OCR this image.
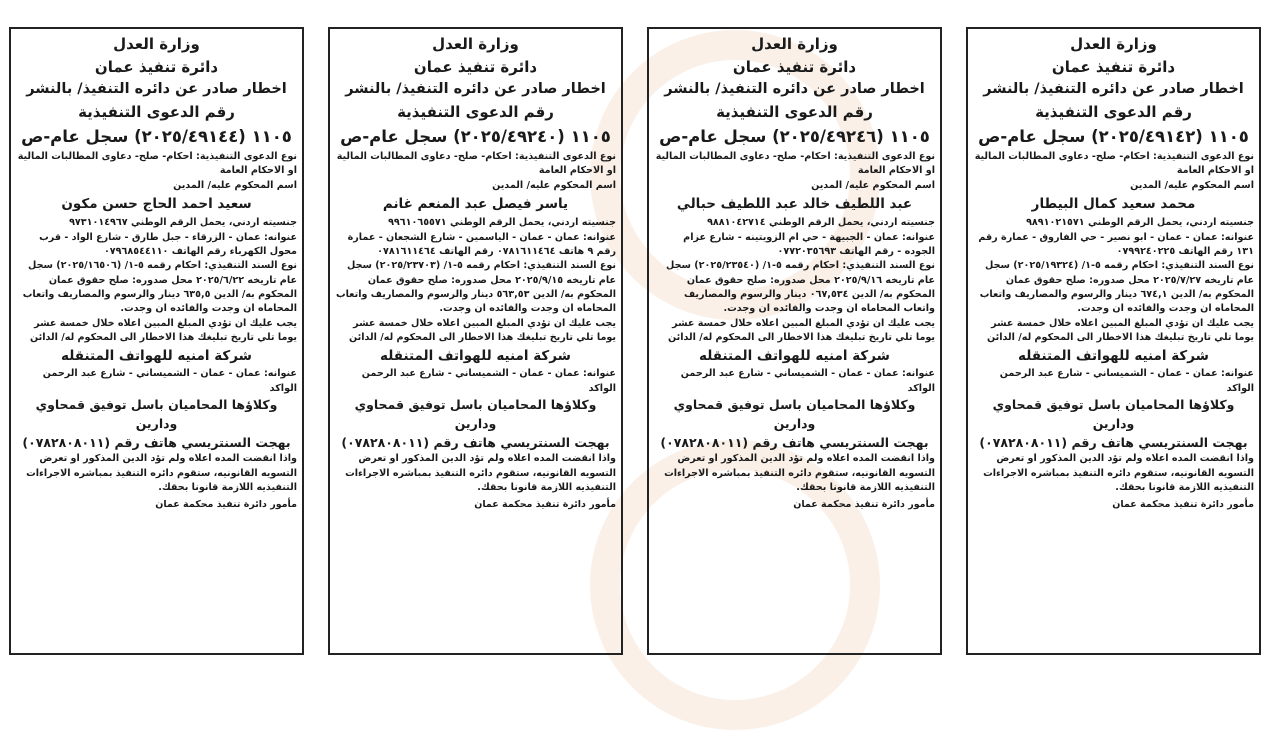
وزارة العدل

دائرة تنفيذ عمان

اخطار صادر عن دائره التنفيذ/ بالنشر

رقم الدعوى التنفيذية

١١٠٥ (٢٠٢٥/٤٩١٤٢) سجل عام-ص

نوع الدعوى التنفيذية: احكام- صلح- دعاوى المطالبات المالية او الاحكام العامة

اسم المحكوم عليه/ المدين

محمد سعيد كمال البيطار

جنسيته اردني، يحمل الرقم الوطني ٩٨٩١٠٢١٥٧١

عنوانه: عمان - عمان - ابو نصير - حي الفاروق - عمارة رقم ١٣١ رقم الهاتف ٠٧٩٩٢٤٠٢٢٥

نوع السند التنفيذي: احكام رقمه ٥-١/ (٢٠٢٥/١٩٣٢٤) سجل عام تاريخه ٢٠٢٥/٧/٢٧ محل صدوره: صلح حقوق عمان

المحكوم به/ الدين ٦٧٤,١ دينار والرسوم والمصاريف واتعاب المحاماه ان وجدت والفائده ان وجدت.

يجب عليك ان تؤدي المبلغ المبين اعلاه خلال خمسة عشر يوما تلي تاريخ تبليغك هذا الاخطار الى المحكوم له/ الدائن

شركة امنيه للهواتف المتنقله

عنوانه: عمان - عمان - الشميساني - شارع عبد الرحمن الواكد

وكلاؤها المحاميان باسل توفيق قمحاوي ودارين

بهجت السنتريسي هاتف رقم (٠٧٨٢٨٠٨٠١١)

واذا انقضت المده اعلاه ولم تؤد الدين المذكور او تعرض التسويه القانونيه، ستقوم دائره التنفيذ بمباشره الاجراءات التنفيذيه اللازمة قانونا بحقك.

مأمور دائرة تنفيذ محكمة عمان

وزارة العدل

دائرة تنفيذ عمان

اخطار صادر عن دائره التنفيذ/ بالنشر

رقم الدعوى التنفيذية

١١٠٥ (٢٠٢٥/٤٩٢٤٦) سجل عام-ص

نوع الدعوى التنفيذية: احكام- صلح- دعاوى المطالبات المالية او الاحكام العامة

اسم المحكوم عليه/ المدين

عبد اللطيف خالد عبد اللطيف حبالي

جنسيته اردني، يحمل الرقم الوطني ٩٨٨١٠٤٢٧١٤

عنوانه: عمان - الجبيهة - حي ام الزويتينه - شارع عزام الجوده - رقم الهاتف ٠٧٧٢٠٣٥٦٩٣

نوع السند التنفيذي: احكام رقمه ٥-١/ (٢٠٢٥/٢٣٥٤٠) سجل عام تاريخه ٢٠٢٥/٩/١٦ محل صدوره: صلح حقوق عمان

المحكوم به/ الدين ٠٦٧,٥٣٤ دينار والرسوم والمصاريف واتعاب المحاماه ان وجدت والفائده ان وجدت.

يجب عليك ان تؤدي المبلغ المبين اعلاه خلال خمسة عشر يوما تلي تاريخ تبليغك هذا الاخطار الى المحكوم له/ الدائن

شركة امنيه للهواتف المتنقله

عنوانه: عمان - عمان - الشميساني - شارع عبد الرحمن الواكد

وكلاؤها المحاميان باسل توفيق قمحاوي ودارين

بهجت السنتريسي هاتف رقم (٠٧٨٢٨٠٨٠١١)

واذا انقضت المده اعلاه ولم تؤد الدين المذكور او تعرض التسويه القانونيه، ستقوم دائره التنفيذ بمباشره الاجراءات التنفيذيه اللازمة قانونا بحقك.

مأمور دائرة تنفيذ محكمة عمان

وزارة العدل

دائرة تنفيذ عمان

اخطار صادر عن دائره التنفيذ/ بالنشر

رقم الدعوى التنفيذية

١١٠٥ (٢٠٢٥/٤٩٢٤٠) سجل عام-ص

نوع الدعوى التنفيذية: احكام- صلح- دعاوى المطالبات المالية او الاحكام العامة

اسم المحكوم عليه/ المدين

ياسر فيصل عبد المنعم غانم

جنسيته اردني، يحمل الرقم الوطني ٩٩٦١٠٦٥٥٧١

عنوانه: عمان - عمان - الياسمين - شارع الشجعان - عمارة رقم ٩ هاتف ٠٧٨١٦١١٤٦٤ رقم الهاتف ٠٧٨١٦١١٤٦٤

نوع السند التنفيذي: احكام رقمه ٥-١/ (٢٠٢٥/٢٣٧٠٣) سجل عام تاريخه ٢٠٢٥/٩/١٥ محل صدوره: صلح حقوق عمان

المحكوم به/ الدين ٥٦٣,٥٣ دينار والرسوم والمصاريف واتعاب المحاماه ان وجدت والفائده ان وجدت.

يجب عليك ان تؤدي المبلغ المبين اعلاه خلال خمسة عشر يوما تلي تاريخ تبليغك هذا الاخطار الى المحكوم له/ الدائن

شركة امنيه للهواتف المتنقله

عنوانه: عمان - عمان - الشميساني - شارع عبد الرحمن الواكد

وكلاؤها المحاميان باسل توفيق قمحاوي ودارين

بهجت السنتريسي هاتف رقم (٠٧٨٢٨٠٨٠١١)

واذا انقضت المده اعلاه ولم تؤد الدين المذكور او تعرض التسويه القانونيه، ستقوم دائره التنفيذ بمباشره الاجراءات التنفيذيه اللازمة قانونا بحقك.

مأمور دائرة تنفيذ محكمة عمان

وزارة العدل

دائرة تنفيذ عمان

اخطار صادر عن دائره التنفيذ/ بالنشر

رقم الدعوى التنفيذية

١١٠٥ (٢٠٢٥/٤٩١٤٤) سجل عام-ص

نوع الدعوى التنفيذية: احكام- صلح- دعاوى المطالبات المالية او الاحكام العامة

اسم المحكوم عليه/ المدين

سعيد احمد الحاج حسن مكون

جنسيته اردني، يحمل الرقم الوطني ٩٧٣١٠١٤٩٦٧

عنوانه: عمان - الزرقاء - جبل طارق - شارع الواد - قرب محول الكهرباء رقم الهاتف ٠٧٩٦٨٥٤٤١١٠

نوع السند التنفيذي: احكام رقمه ٥-١/ (٢٠٢٥/١٦٥٠٦) سجل عام تاريخه ٢٠٢٥/٦/٢٢ محل صدوره: صلح حقوق عمان

المحكوم به/ الدين ٦٣٥,٥ دينار والرسوم والمصاريف واتعاب المحاماه ان وجدت والفائده ان وجدت.

يجب عليك ان تؤدي المبلغ المبين اعلاه خلال خمسة عشر يوما تلي تاريخ تبليغك هذا الاخطار الى المحكوم له/ الدائن

شركة امنيه للهواتف المتنقله

عنوانه: عمان - عمان - الشميساني - شارع عبد الرحمن الواكد

وكلاؤها المحاميان باسل توفيق قمحاوي ودارين

بهجت السنتريسي هاتف رقم (٠٧٨٢٨٠٨٠١١)

واذا انقضت المده اعلاه ولم تؤد الدين المذكور او تعرض التسويه القانونيه، ستقوم دائره التنفيذ بمباشره الاجراءات التنفيذيه اللازمة قانونا بحقك.

مأمور دائرة تنفيذ محكمة عمان
